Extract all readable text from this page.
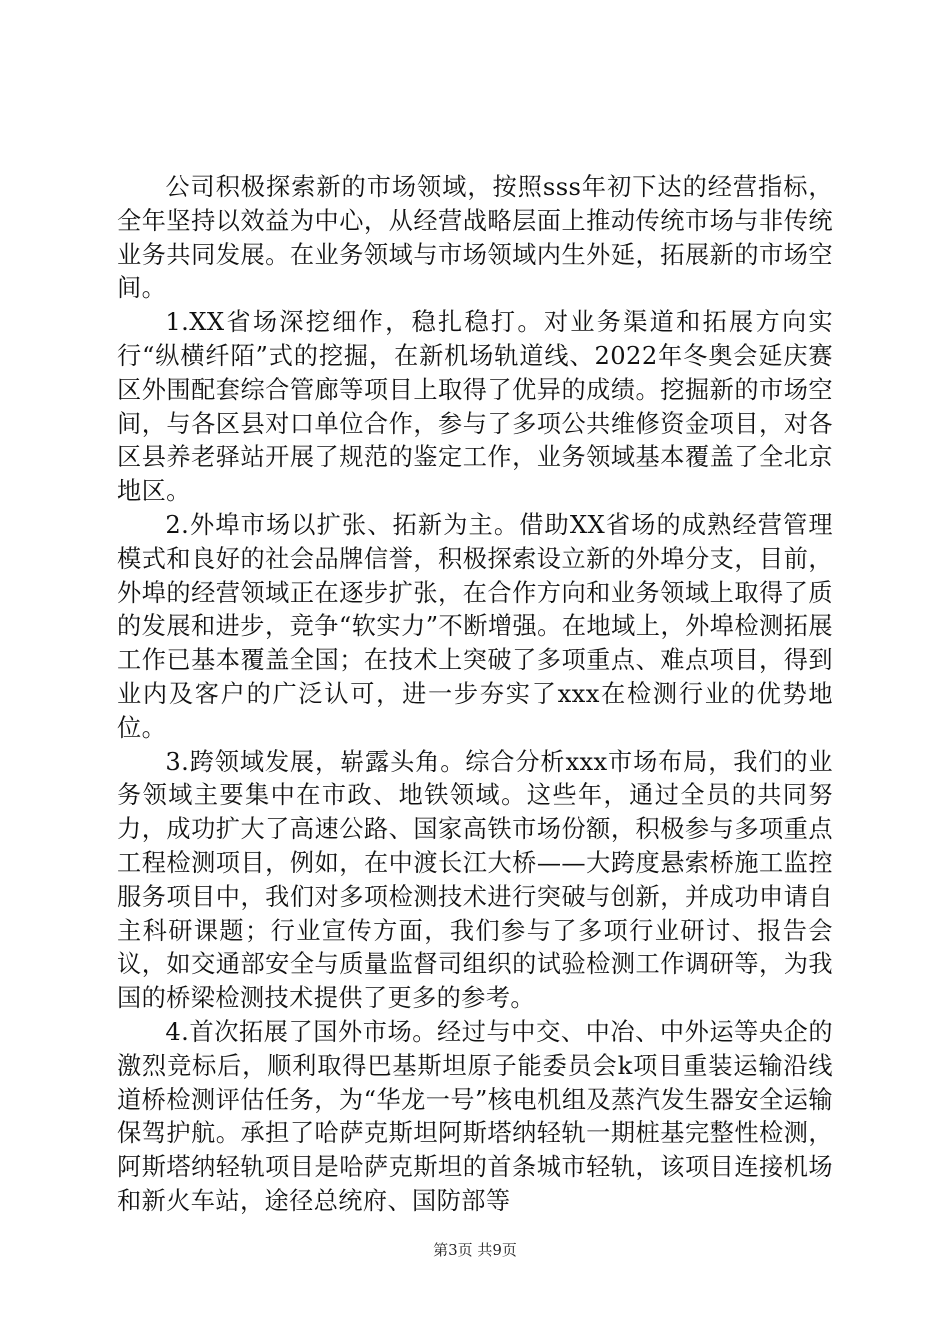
公司积极探索新的市场领域，按照sss年初下达的经营指标，全年坚持以效益为中心，从经营战略层面上推动传统市场与非传统业务共同发展。在业务领域与市场领域内生外延，拓展新的市场空间。

1.XX省场深挖细作，稳扎稳打。对业务渠道和拓展方向实行“纵横纤陌”式的挖掘，在新机场轨道线、2022年冬奥会延庆赛区外围配套综合管廊等项目上取得了优异的成绩。挖掘新的市场空间，与各区县对口单位合作，参与了多项公共维修资金项目，对各区县养老驿站开展了规范的鉴定工作，业务领域基本覆盖了全北京地区。

2.外埠市场以扩张、拓新为主。借助XX省场的成熟经营管理模式和良好的社会品牌信誉，积极探索设立新的外埠分支，目前，外埠的经营领域正在逐步扩张，在合作方向和业务领域上取得了质的发展和进步，竞争“软实力”不断增强。在地域上，外埠检测拓展工作已基本覆盖全国；在技术上突破了多项重点、难点项目，得到业内及客户的广泛认可，进一步夯实了xxx在检测行业的优势地位。

3.跨领域发展，崭露头角。综合分析xxx市场布局，我们的业务领域主要集中在市政、地铁领域。这些年，通过全员的共同努力，成功扩大了高速公路、国家高铁市场份额，积极参与多项重点工程检测项目，例如，在中渡长江大桥——大跨度悬索桥施工监控服务项目中，我们对多项检测技术进行突破与创新，并成功申请自主科研课题；行业宣传方面，我们参与了多项行业研讨、报告会议，如交通部安全与质量监督司组织的试验检测工作调研等，为我国的桥梁检测技术提供了更多的参考。

4.首次拓展了国外市场。经过与中交、中冶、中外运等央企的激烈竞标后，顺利取得巴基斯坦原子能委员会k项目重装运输沿线道桥检测评估任务，为“华龙一号”核电机组及蒸汽发生器安全运输保驾护航。承担了哈萨克斯坦阿斯塔纳轻轨一期桩基完整性检测，阿斯塔纳轻轨项目是哈萨克斯坦的首条城市轻轨，该项目连接机场和新火车站，途径总统府、国防部等

第3页 共9页
